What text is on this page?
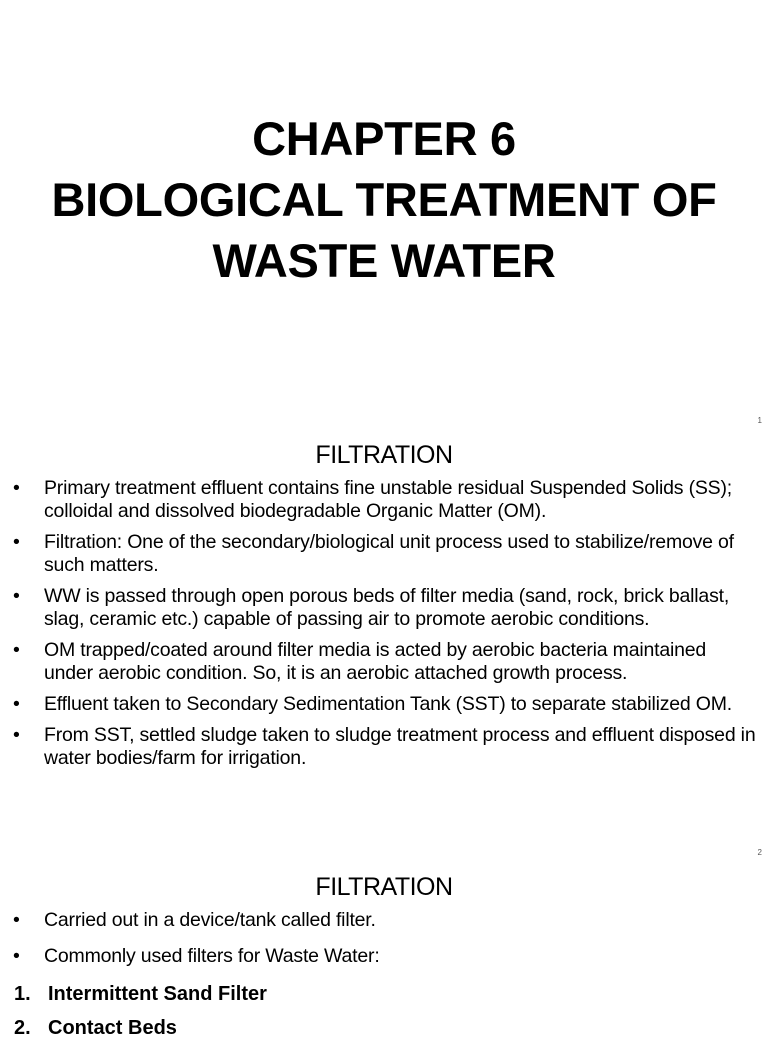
CHAPTER 6
BIOLOGICAL TREATMENT OF
WASTE WATER
1
FILTRATION
• Primary treatment effluent contains fine unstable residual Suspended Solids (SS); colloidal and dissolved biodegradable Organic Matter (OM).
• Filtration: One of the secondary/biological unit process used to stabilize/remove of such matters.
• WW is passed through open porous beds of filter media (sand, rock, brick ballast, slag, ceramic etc.) capable of passing air to promote aerobic conditions.
• OM trapped/coated around filter media is acted by aerobic bacteria maintained under aerobic condition. So, it is an aerobic attached growth process.
• Effluent taken to Secondary Sedimentation Tank (SST) to separate stabilized OM.
• From SST, settled sludge taken to sludge treatment process and effluent disposed in water bodies/farm for irrigation.
2
FILTRATION
• Carried out in a device/tank called filter.
• Commonly used filters for Waste Water:
1. Intermittent Sand Filter
2. Contact Beds
